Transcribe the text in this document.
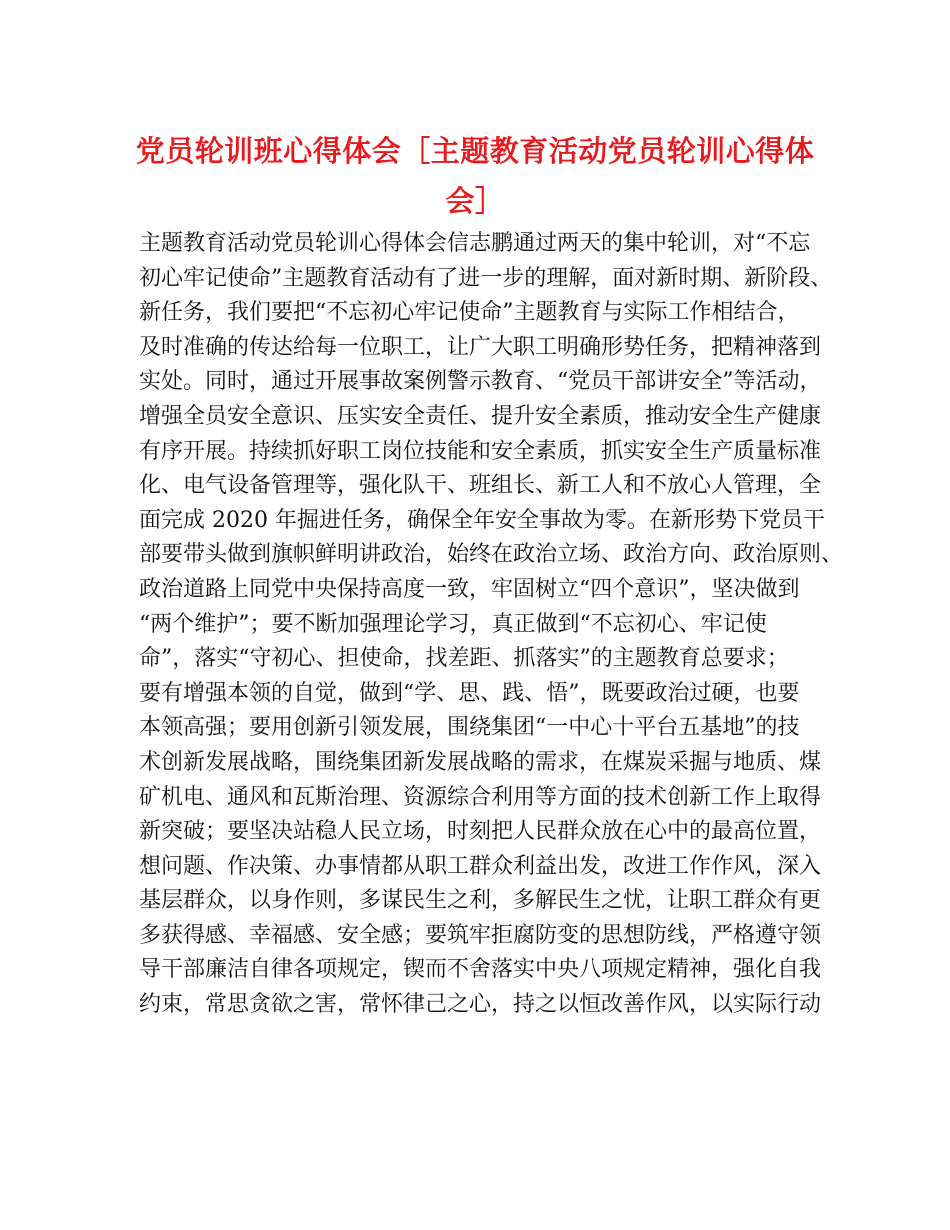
党员轮训班心得体会［主题教育活动党员轮训心得体
会］
主题教育活动党员轮训心得体会信志鹏通过两天的集中轮训，对“不忘
初心牢记使命”主题教育活动有了进一步的理解，面对新时期、新阶段、
新任务，我们要把“不忘初心牢记使命”主题教育与实际工作相结合，
及时准确的传达给每一位职工，让广大职工明确形势任务，把精神落到
实处。同时，通过开展事故案例警示教育、“党员干部讲安全”等活动，
增强全员安全意识、压实安全责任、提升安全素质，推动安全生产健康
有序开展。持续抓好职工岗位技能和安全素质，抓实安全生产质量标准
化、电气设备管理等，强化队干、班组长、新工人和不放心人管理，全
面完成 2020 年掘进任务，确保全年安全事故为零。在新形势下党员干
部要带头做到旗帜鲜明讲政治，始终在政治立场、政治方向、政治原则、
政治道路上同党中央保持高度一致，牢固树立“四个意识”，坚决做到
“两个维护”；要不断加强理论学习，真正做到“不忘初心、牢记使
命”，落实“守初心、担使命，找差距、抓落实”的主题教育总要求；
要有增强本领的自觉，做到“学、思、践、悟”，既要政治过硬，也要
本领高强；要用创新引领发展，围绕集团“一中心十平台五基地”的技
术创新发展战略，围绕集团新发展战略的需求，在煤炭采掘与地质、煤
矿机电、通风和瓦斯治理、资源综合利用等方面的技术创新工作上取得
新突破；要坚决站稳人民立场，时刻把人民群众放在心中的最高位置，
想问题、作决策、办事情都从职工群众利益出发，改进工作作风，深入
基层群众，以身作则，多谋民生之利，多解民生之忧，让职工群众有更
多获得感、幸福感、安全感；要筑牢拒腐防变的思想防线，严格遵守领
导干部廉洁自律各项规定，锲而不舍落实中央八项规定精神，强化自我
约束，常思贪欲之害，常怀律己之心，持之以恒改善作风，以实际行动
